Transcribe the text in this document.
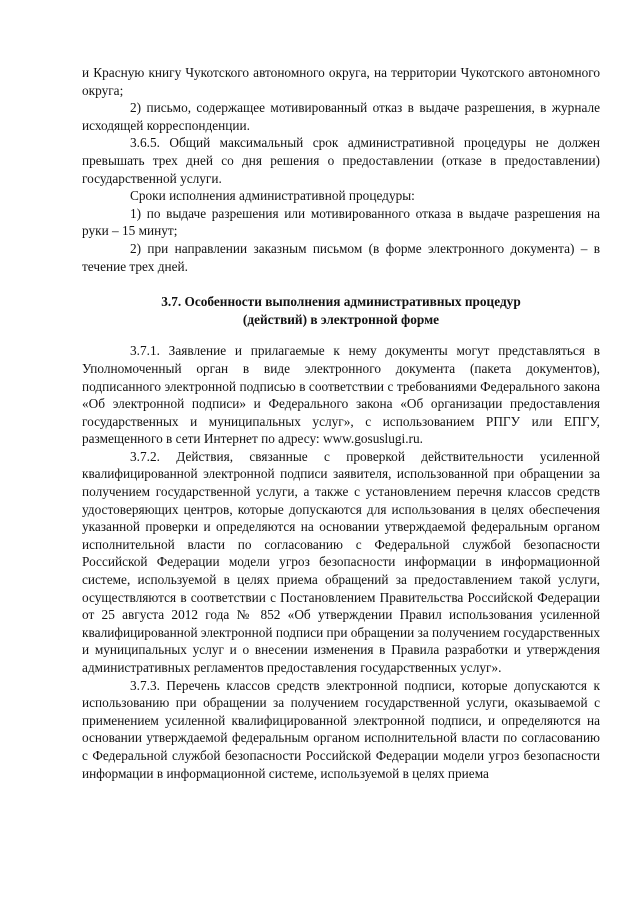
и Красную книгу Чукотского автономного округа, на территории Чукотского автономного округа;

2) письмо, содержащее мотивированный отказ в выдаче разрешения, в журнале исходящей корреспонденции.

3.6.5. Общий максимальный срок административной процедуры не должен превышать трех дней со дня решения о предоставлении (отказе в предоставлении) государственной услуги.

Сроки исполнения административной процедуры:

1) по выдаче разрешения или мотивированного отказа в выдаче разрешения на руки – 15 минут;

2) при направлении заказным письмом (в форме электронного документа) – в течение трех дней.

3.7. Особенности выполнения административных процедур
(действий) в электронной форме

3.7.1. Заявление и прилагаемые к нему документы могут представляться в Уполномоченный орган в виде электронного документа (пакета документов), подписанного электронной подписью в соответствии с требованиями Федерального закона «Об электронной подписи» и Федерального закона «Об организации предоставления государственных и муниципальных услуг», с использованием РПГУ или ЕПГУ, размещенного в сети Интернет по адресу: www.gosuslugi.ru.

3.7.2. Действия, связанные с проверкой действительности усиленной квалифицированной электронной подписи заявителя, использованной при обращении за получением государственной услуги, а также с установлением перечня классов средств удостоверяющих центров, которые допускаются для использования в целях обеспечения указанной проверки и определяются на основании утверждаемой федеральным органом исполнительной власти по согласованию с Федеральной службой безопасности Российской Федерации модели угроз безопасности информации в информационной системе, используемой в целях приема обращений за предоставлением такой услуги, осуществляются в соответствии с Постановлением Правительства Российской Федерации от 25 августа 2012 года № 852 «Об утверждении Правил использования усиленной квалифицированной электронной подписи при обращении за получением государственных и муниципальных услуг и о внесении изменения в Правила разработки и утверждения административных регламентов предоставления государственных услуг».

3.7.3. Перечень классов средств электронной подписи, которые допускаются к использованию при обращении за получением государственной услуги, оказываемой с применением усиленной квалифицированной электронной подписи, и определяются на основании утверждаемой федеральным органом исполнительной власти по согласованию с Федеральной службой безопасности Российской Федерации модели угроз безопасности информации в информационной системе, используемой в целях приема
